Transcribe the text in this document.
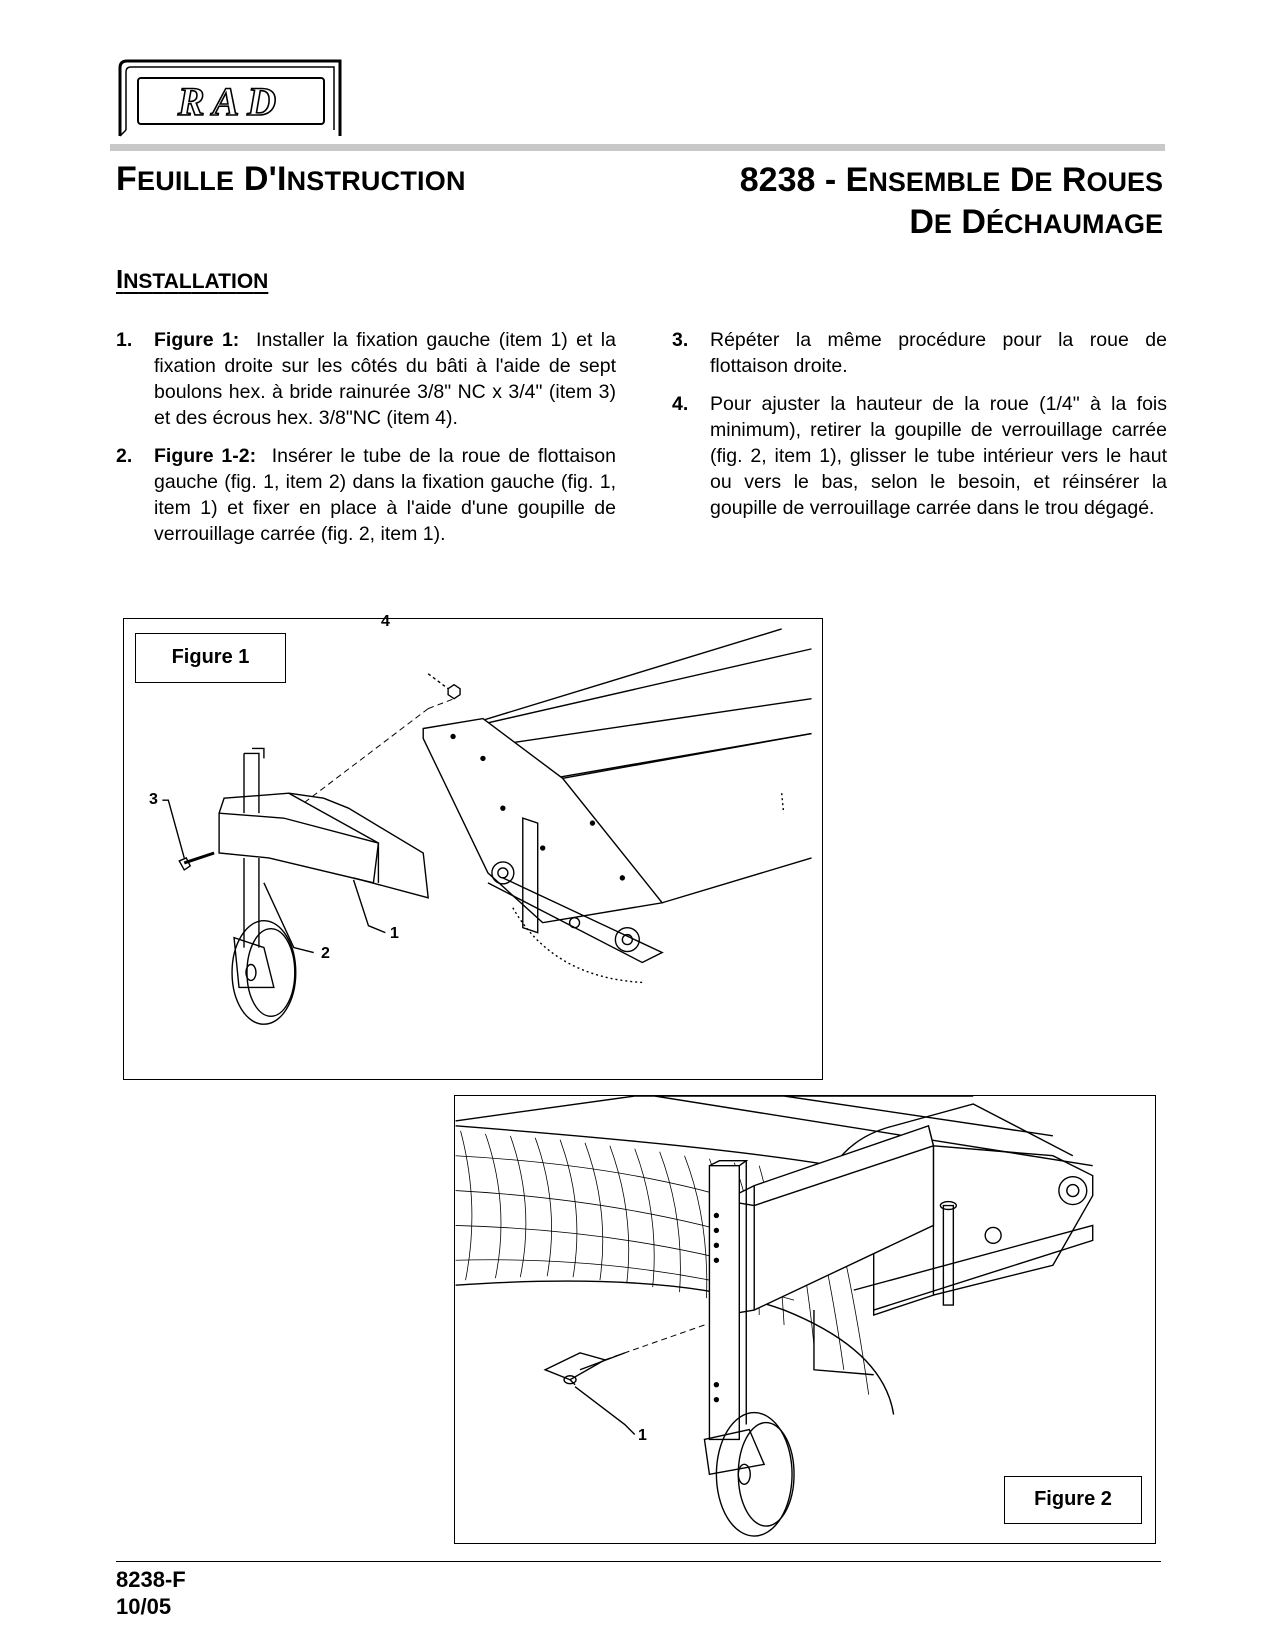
RAD
FEUILLE D'INSTRUCTION	8238 - ENSEMBLE DE ROUES
DE DÉCHAUMAGE
INSTALLATION
1. Figure 1: Installer la fixation gauche (item 1) et la fixation droite sur les côtés du bâti à l'aide de sept boulons hex. à bride rainurée 3/8" NC x 3/4" (item 3) et des écrous hex. 3/8"NC (item 4).
2. Figure 1-2: Insérer le tube de la roue de flottaison gauche (fig. 1, item 2) dans la fixation gauche (fig. 1, item 1) et fixer en place à l'aide d'une goupille de verrouillage carrée (fig. 2, item 1).
3. Répéter la même procédure pour la roue de flottaison droite.
4. Pour ajuster la hauteur de la roue (1/4" à la fois minimum), retirer la goupille de verrouillage carrée (fig. 2, item 1), glisser le tube intérieur vers le haut ou vers le bas, selon le besoin, et réinsérer la goupille de verrouillage carrée dans le trou dégagé.
Figure 1
4
3
2
1
1
Figure 2
8238-F
10/05
